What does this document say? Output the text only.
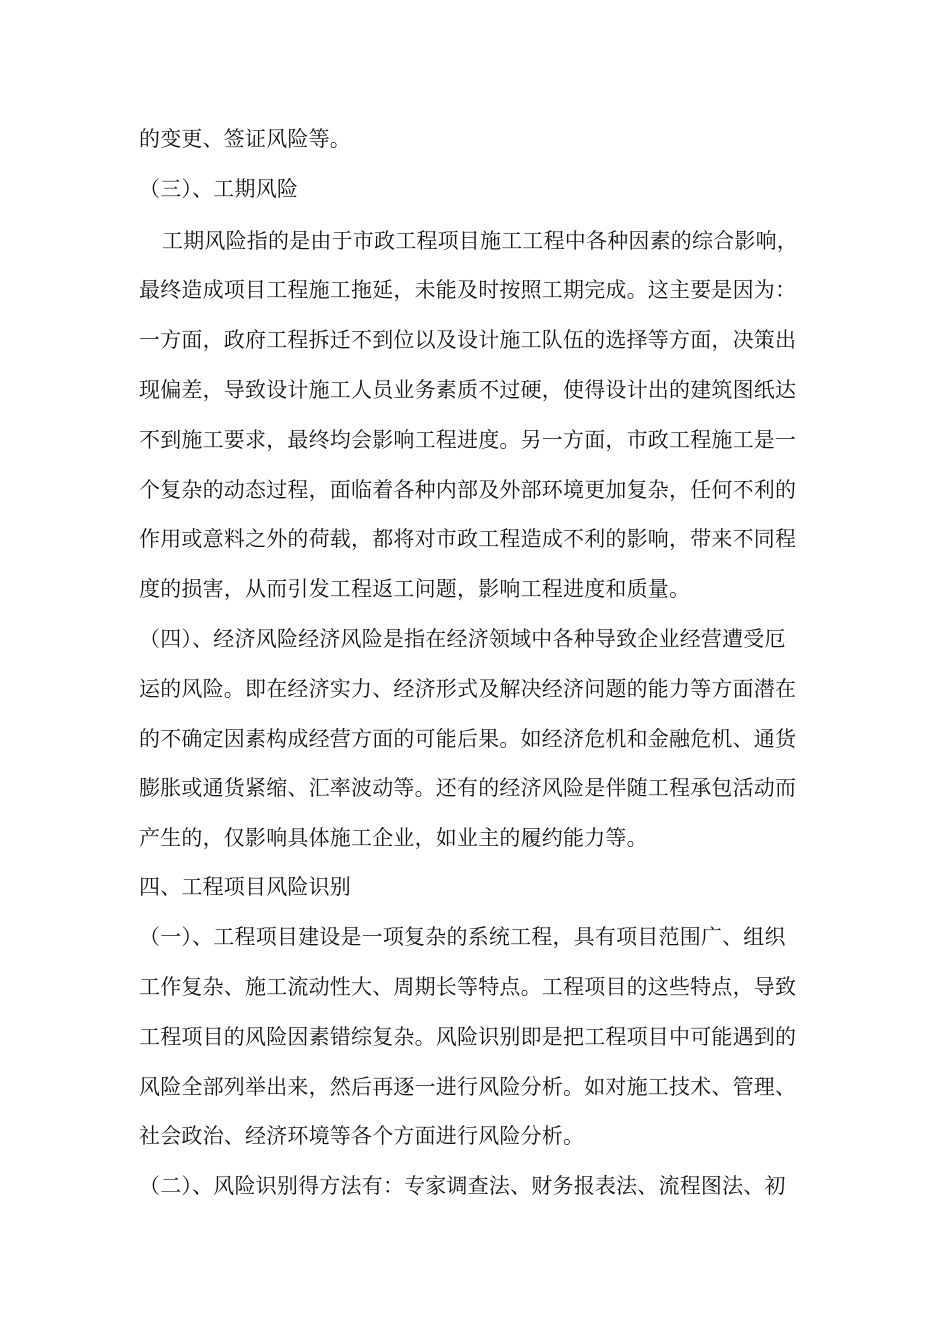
的变更、签证风险等。
（三）、工期风险
工期风险指的是由于市政工程项目施工工程中各种因素的综合影响，
最终造成项目工程施工拖延，未能及时按照工期完成。这主要是因为：
一方面，政府工程拆迁不到位以及设计施工队伍的选择等方面，决策出
现偏差，导致设计施工人员业务素质不过硬，使得设计出的建筑图纸达
不到施工要求，最终均会影响工程进度。另一方面，市政工程施工是一
个复杂的动态过程，面临着各种内部及外部环境更加复杂，任何不利的
作用或意料之外的荷载，都将对市政工程造成不利的影响，带来不同程
度的损害，从而引发工程返工问题，影响工程进度和质量。
（四）、经济风险经济风险是指在经济领域中各种导致企业经营遭受厄
运的风险。即在经济实力、经济形式及解决经济问题的能力等方面潜在
的不确定因素构成经营方面的可能后果。如经济危机和金融危机、通货
膨胀或通货紧缩、汇率波动等。还有的经济风险是伴随工程承包活动而
产生的，仅影响具体施工企业，如业主的履约能力等。
四、工程项目风险识别
（一）、工程项目建设是一项复杂的系统工程，具有项目范围广、组织
工作复杂、施工流动性大、周期长等特点。工程项目的这些特点，导致
工程项目的风险因素错综复杂。风险识别即是把工程项目中可能遇到的
风险全部列举出来，然后再逐一进行风险分析。如对施工技术、管理、
社会政治、经济环境等各个方面进行风险分析。
（二）、风险识别得方法有：专家调查法、财务报表法、流程图法、初
